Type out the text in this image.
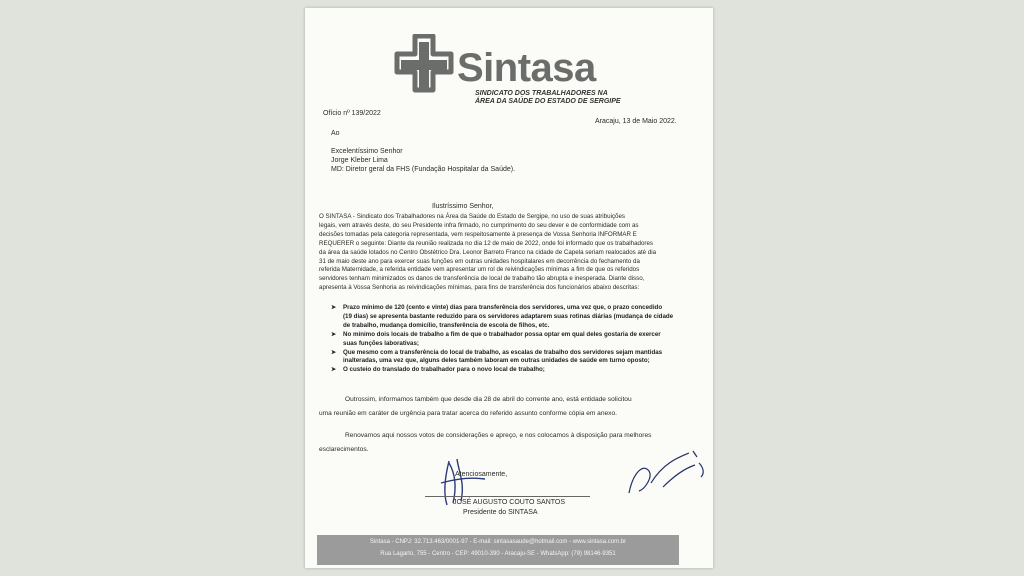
Sintasa
SINDICATO DOS TRABALHADORES NA
ÁREA DA SAÚDE DO ESTADO DE SERGIPE
Ofício nº 139/2022
Aracaju, 13 de Maio 2022.
Ao
Excelentíssimo Senhor
Jorge Kleber Lima
MD: Diretor geral da FHS (Fundação Hospitalar da Saúde).
Ilustríssimo Senhor,

O SINTASA - Sindicato dos Trabalhadores na Área da Saúde do Estado de Sergipe, no uso de suas atribuições

legais, vem através deste, do seu Presidente infra firmado, no cumprimento do seu dever e de conformidade com as

decisões tomadas pela categoria representada, vem respeitosamente à presença de Vossa Senhoria INFORMAR E

REQUERER o seguinte: Diante da reunião realizada no dia 12 de maio de 2022, onde foi informado que os trabalhadores

da área da saúde lotados no Centro Obstétrico Dra. Leonor Barreto Franco na cidade de Capela seriam realocados até dia

31 de maio deste ano para exercer suas funções em outras unidades hospitalares em decorrência do fechamento da

referida Maternidade, a referida entidade vem apresentar um rol de reivindicações mínimas a fim de que os referidos

servidores tenham minimizados os danos de transferência de local de trabalho tão abrupta e inesperada. Diante disso,

apresenta à Vossa Senhoria as reivindicações mínimas, para fins de transferência dos funcionários abaixo descritas:

➤ Prazo mínimo de 120 (cento e vinte) dias para transferência dos servidores, uma vez que, o prazo concedido

(19 dias) se apresenta bastante reduzido para os servidores adaptarem suas rotinas diárias (mudança de cidade

de trabalho, mudança domicílio, transferência de escola de filhos, etc.

➤ No mínimo dois locais de trabalho a fim de que o trabalhador possa optar em qual deles gostaria de exercer

suas funções laborativas;

➤ Que mesmo com a transferência do local de trabalho, as escalas de trabalho dos servidores sejam mantidas

inalteradas, uma vez que, alguns deles também laboram em outras unidades de saúde em turno oposto;

➤ O custeio do translado do trabalhador para o novo local de trabalho;

Outrossim, informamos também que desde dia 28 de abril do corrente ano, está entidade solicitou

uma reunião em caráter de urgência para tratar acerca do referido assunto conforme cópia em anexo.

Renovamos aqui nossos votos de considerações e apreço, e nos colocamos à disposição para melhores

esclarecimentos.

Atenciosamente,
JOSÉ AUGUSTO COUTO SANTOS
Presidente do SINTASA

Sintasa - CNPJ: 32.713.463/0001-97 - E-mail: sintasasaude@hotmail.com - www.sintasa.com.br

Rua Lagarto, 755 - Centro - CEP: 49010-390 - Aracaju-SE - WhatsApp: (79) 98146-9351
